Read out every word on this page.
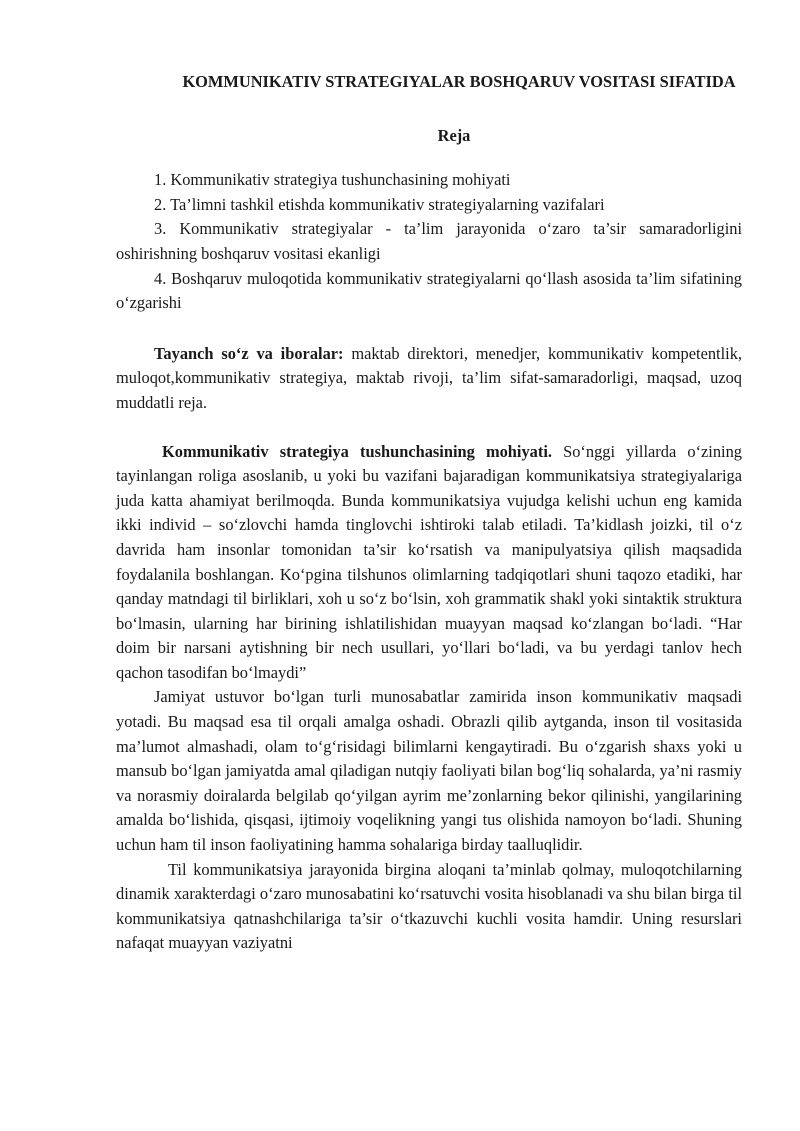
KOMMUNIKATIV STRATEGIYALAR BOSHQARUV VOSITASI SIFATIDA

Reja

1. Kommunikativ strategiya tushunchasining mohiyati
2. Ta’limni tashkil etishda kommunikativ strategiyalarning vazifalari
3. Kommunikativ strategiyalar - ta’lim jarayonida o‘zaro ta’sir samaradorligini oshirishning boshqaruv vositasi ekanligi
4. Boshqaruv muloqotida kommunikativ strategiyalarni qo‘llash asosida ta’lim sifatining o‘zgarishi

Tayanch so‘z va iboralar: maktab direktori, menedjer, kommunikativ kompetentlik, muloqot,kommunikativ strategiya, maktab rivoji, ta’lim sifat-samaradorligi, maqsad, uzoq muddatli reja.

Kommunikativ strategiya tushunchasining mohiyati. So‘nggi yillarda o‘zining tayinlangan roliga asoslanib, u yoki bu vazifani bajaradigan kommunikatsiya strategiyalariga juda katta ahamiyat berilmoqda. Bunda kommunikatsiya vujudga kelishi uchun eng kamida ikki individ – so‘zlovchi hamda tinglovchi ishtiroki talab etiladi. Ta’kidlash joizki, til o‘z davrida ham insonlar tomonidan ta’sir ko‘rsatish va manipulyatsiya qilish maqsadida foydalanila boshlangan. Ko‘pgina tilshunos olimlarning tadqiqotlari shuni taqozo etadiki, har qanday matndagi til birliklari, xoh u so‘z bo‘lsin, xoh grammatik shakl yoki sintaktik struktura bo‘lmasin, ularning har birining ishlatilishidan muayyan maqsad ko‘zlangan bo‘ladi. “Har doim bir narsani aytishning bir nech usullari, yo‘llari bo‘ladi, va bu yerdagi tanlov hech qachon tasodifan bo‘lmaydi”

Jamiyat ustuvor bo‘lgan turli munosabatlar zamirida inson kommunikativ maqsadi yotadi. Bu maqsad esa til orqali amalga oshadi. Obrazli qilib aytganda, inson til vositasida ma’lumot almashadi, olam to‘g‘risidagi bilimlarni kengaytiradi. Bu o‘zgarish shaxs yoki u mansub bo‘lgan jamiyatda amal qiladigan nutqiy faoliyati bilan bog‘liq sohalarda, ya’ni rasmiy va norasmiy doiralarda belgilab qo‘yilgan ayrim me’zonlarning bekor qilinishi, yangilarining amalda bo‘lishida, qisqasi, ijtimoiy voqelikning yangi tus olishida namoyon bo‘ladi. Shuning uchun ham til inson faoliyatining hamma sohalariga birday taalluqlidir.

Til kommunikatsiya jarayonida birgina aloqani ta’minlab qolmay, muloqotchilarning dinamik xarakterdagi o‘zaro munosabatini ko‘rsatuvchi vosita hisoblanadi va shu bilan birga til kommunikatsiya qatnashchilariga ta’sir o‘tkazuvchi kuchli vosita hamdir. Uning resurslari nafaqat muayyan vaziyatni
